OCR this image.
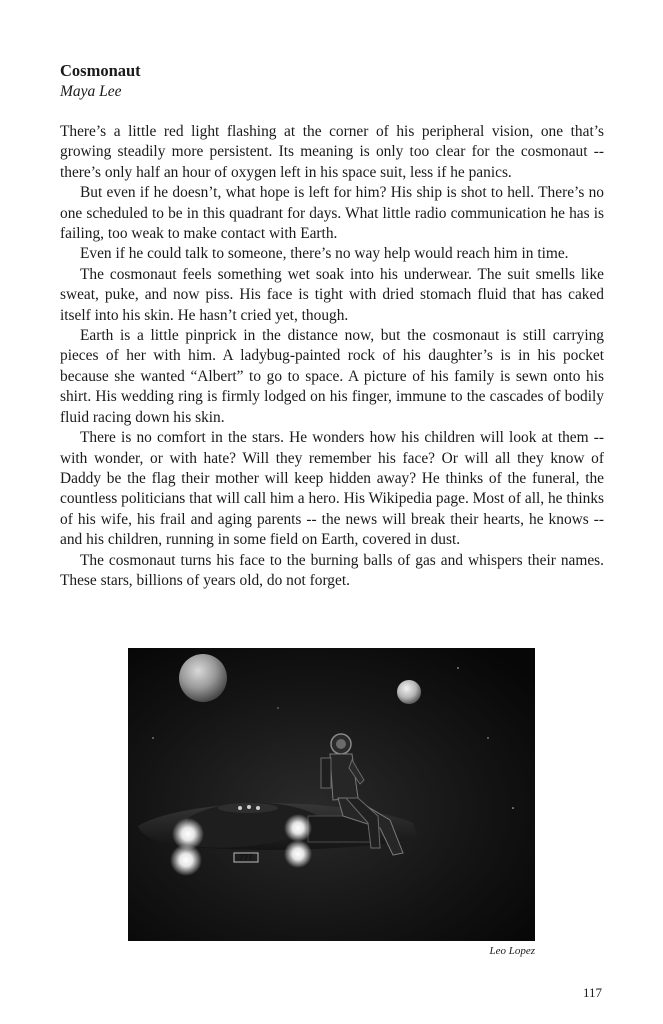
Cosmonaut
Maya Lee

There’s a little red light flashing at the corner of his peripheral vision, one that’s growing steadily more persistent. Its meaning is only too clear for the cosmonaut -- there’s only half an hour of oxygen left in his space suit, less if he panics.

But even if he doesn’t, what hope is left for him? His ship is shot to hell. There’s no one scheduled to be in this quadrant for days. What little radio communication he has is failing, too weak to make contact with Earth.

Even if he could talk to someone, there’s no way help would reach him in time.

The cosmonaut feels something wet soak into his underwear. The suit smells like sweat, puke, and now piss. His face is tight with dried stomach fluid that has caked itself into his skin. He hasn’t cried yet, though.

Earth is a little pinprick in the distance now, but the cosmonaut is still carrying pieces of her with him. A ladybug-painted rock of his daughter’s is in his pocket because she wanted “Albert” to go to space. A picture of his family is sewn onto his shirt. His wedding ring is firmly lodged on his finger, immune to the cascades of bodily fluid racing down his skin.

There is no comfort in the stars. He wonders how his children will look at them -- with wonder, or with hate? Will they remember his face? Or will all they know of Daddy be the flag their mother will keep hidden away? He thinks of the funeral, the countless politicians that will call him a hero. His Wikipedia page. Most of all, he thinks of his wife, his frail and aging parents -- the news will break their hearts, he knows -- and his children, running in some field on Earth, covered in dust.

The cosmonaut turns his face to the burning balls of gas and whispers their names. These stars, billions of years old, do not forget.

777
Leo Lopez
117
